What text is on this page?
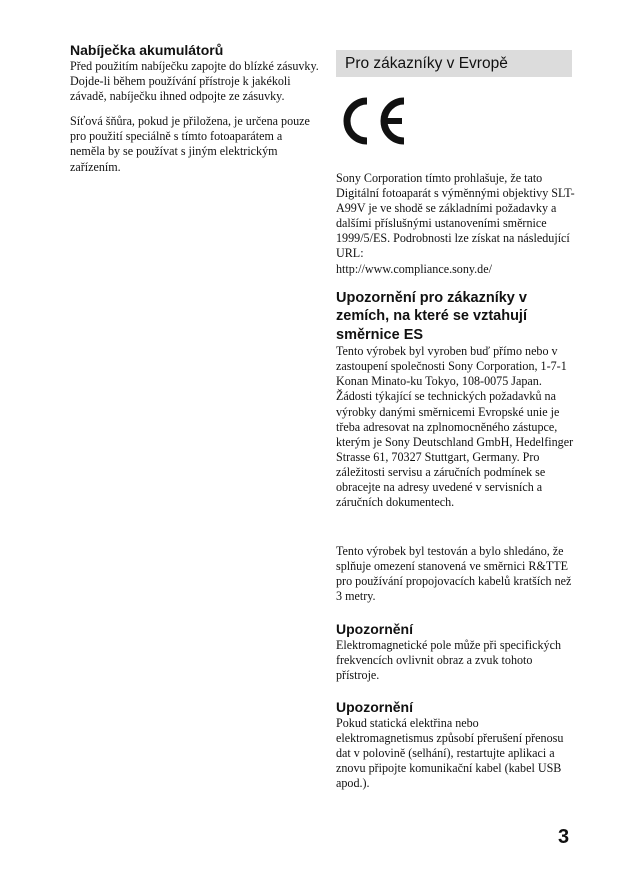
Nabíječka akumulátorů

Před použitím nabíječku zapojte do blízké zásuvky. Dojde-li během používání přístroje k jakékoli závadě, nabíječku ihned odpojte ze zásuvky.

Síťová šňůra, pokud je přiložena, je určena pouze pro použití speciálně s tímto fotoaparátem a neměla by se používat s jiným elektrickým zařízením.

Pro zákazníky v Evropě

Sony Corporation tímto prohlašuje, že tato Digitální fotoaparát s výměnnými objektivy SLT-A99V je ve shodě se základními požadavky a dalšími příslušnými ustanoveními směrnice 1999/5/ES. Podrobnosti lze získat na následující URL:
http://www.compliance.sony.de/

Upozornění pro zákazníky v zemích, na které se vztahují směrnice ES

Tento výrobek byl vyroben buď přímo nebo v zastoupení společnosti Sony Corporation, 1-7-1 Konan Minato-ku Tokyo, 108-0075 Japan. Žádosti týkající se technických požadavků na výrobky danými směrnicemi Evropské unie je třeba adresovat na zplnomocněného zástupce, kterým je Sony Deutschland GmbH, Hedelfinger Strasse 61, 70327 Stuttgart, Germany. Pro záležitosti servisu a záručních podmínek se obracejte na adresy uvedené v servisních a záručních dokumentech.

Tento výrobek byl testován a bylo shledáno, že splňuje omezení stanovená ve směrnici R&TTE pro používání propojovacích kabelů kratších než 3 metry.

Upozornění

Elektromagnetické pole může při specifických frekvencích ovlivnit obraz a zvuk tohoto přístroje.

Upozornění

Pokud statická elektřina nebo elektromagnetismus způsobí přerušení přenosu dat v polovině (selhání), restartujte aplikaci a znovu připojte komunikační kabel (kabel USB apod.).

3
